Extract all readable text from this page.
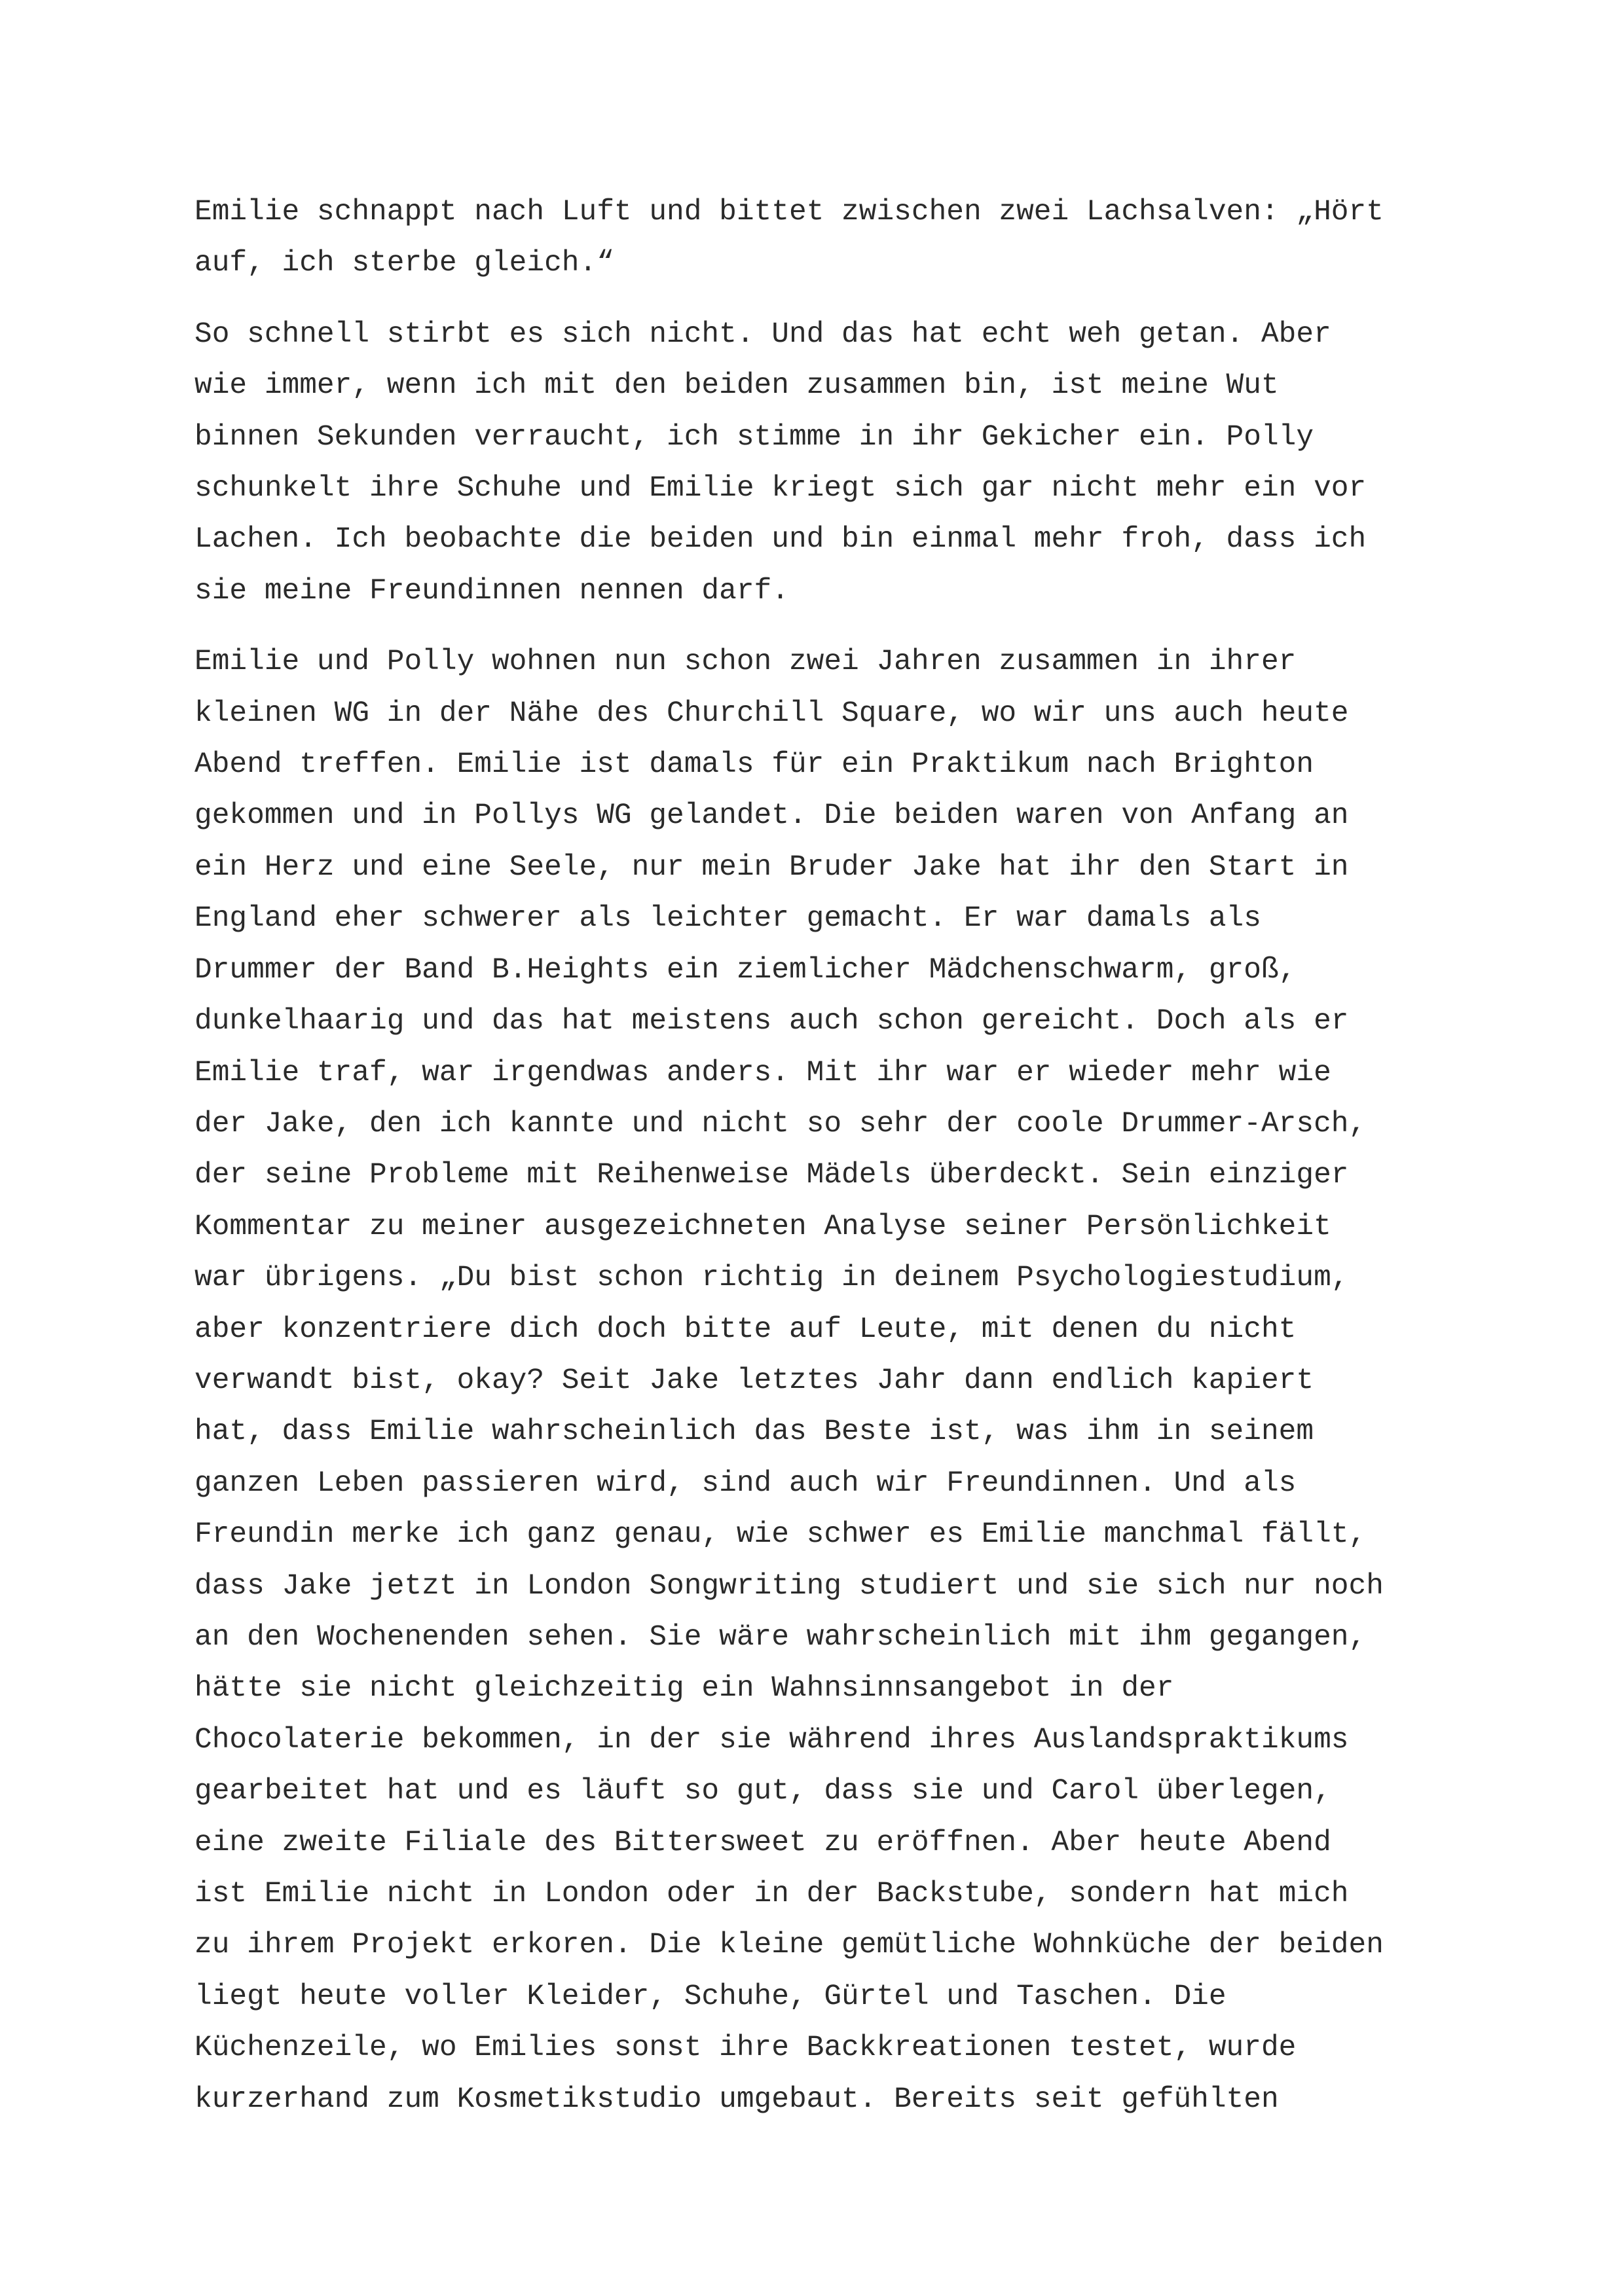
Emilie schnappt nach Luft und bittet zwischen zwei Lachsalven: „Hört
auf, ich sterbe gleich.“

So schnell stirbt es sich nicht. Und das hat echt weh getan. Aber
wie immer, wenn ich mit den beiden zusammen bin, ist meine Wut
binnen Sekunden verraucht, ich stimme in ihr Gekicher ein. Polly
schunkelt ihre Schuhe und Emilie kriegt sich gar nicht mehr ein vor
Lachen. Ich beobachte die beiden und bin einmal mehr froh, dass ich
sie meine Freundinnen nennen darf.

Emilie und Polly wohnen nun schon zwei Jahren zusammen in ihrer
kleinen WG in der Nähe des Churchill Square, wo wir uns auch heute
Abend treffen. Emilie ist damals für ein Praktikum nach Brighton
gekommen und in Pollys WG gelandet. Die beiden waren von Anfang an
ein Herz und eine Seele, nur mein Bruder Jake hat ihr den Start in
England eher schwerer als leichter gemacht. Er war damals als
Drummer der Band B.Heights ein ziemlicher Mädchenschwarm, groß,
dunkelhaarig und das hat meistens auch schon gereicht. Doch als er
Emilie traf, war irgendwas anders. Mit ihr war er wieder mehr wie
der Jake, den ich kannte und nicht so sehr der coole Drummer-Arsch,
der seine Probleme mit Reihenweise Mädels überdeckt. Sein einziger
Kommentar zu meiner ausgezeichneten Analyse seiner Persönlichkeit
war übrigens. „Du bist schon richtig in deinem Psychologiestudium,
aber konzentriere dich doch bitte auf Leute, mit denen du nicht
verwandt bist, okay? Seit Jake letztes Jahr dann endlich kapiert
hat, dass Emilie wahrscheinlich das Beste ist, was ihm in seinem
ganzen Leben passieren wird, sind auch wir Freundinnen. Und als
Freundin merke ich ganz genau, wie schwer es Emilie manchmal fällt,
dass Jake jetzt in London Songwriting studiert und sie sich nur noch
an den Wochenenden sehen. Sie wäre wahrscheinlich mit ihm gegangen,
hätte sie nicht gleichzeitig ein Wahnsinnsangebot in der
Chocolaterie bekommen, in der sie während ihres Auslandspraktikums
gearbeitet hat und es läuft so gut, dass sie und Carol überlegen,
eine zweite Filiale des Bittersweet zu eröffnen. Aber heute Abend
ist Emilie nicht in London oder in der Backstube, sondern hat mich
zu ihrem Projekt erkoren. Die kleine gemütliche Wohnküche der beiden
liegt heute voller Kleider, Schuhe, Gürtel und Taschen. Die
Küchenzeile, wo Emilies sonst ihre Backkreationen testet, wurde
kurzerhand zum Kosmetikstudio umgebaut. Bereits seit gefühlten
